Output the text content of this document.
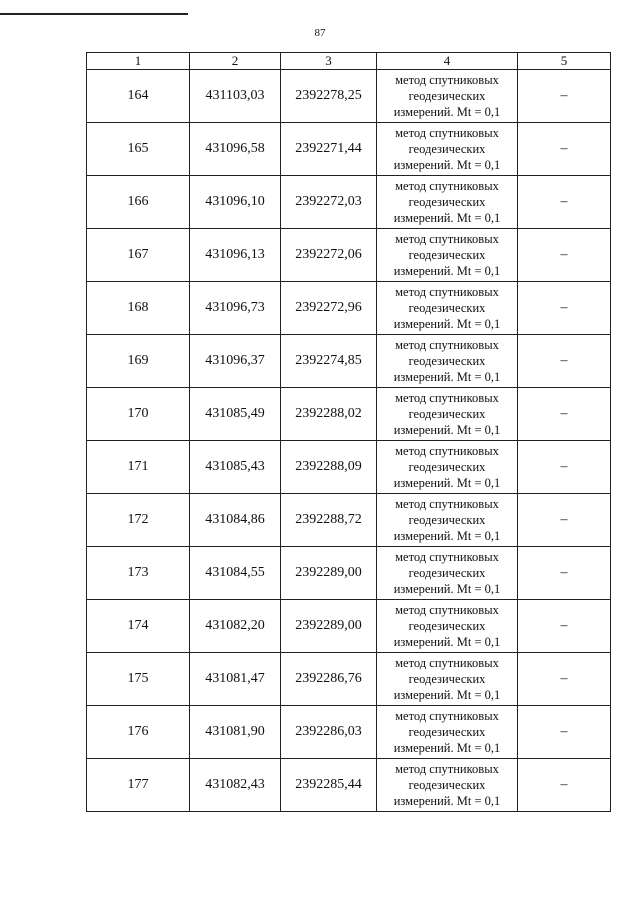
87
1	2	3	4	5
164	431103,03	2392278,25	метод спутниковых
геодезических
измерений. Mt = 0,1	–
165	431096,58	2392271,44	метод спутниковых
геодезических
измерений. Mt = 0,1	–
166	431096,10	2392272,03	метод спутниковых
геодезических
измерений. Mt = 0,1	–
167	431096,13	2392272,06	метод спутниковых
геодезических
измерений. Mt = 0,1	–
168	431096,73	2392272,96	метод спутниковых
геодезических
измерений. Mt = 0,1	–
169	431096,37	2392274,85	метод спутниковых
геодезических
измерений. Mt = 0,1	–
170	431085,49	2392288,02	метод спутниковых
геодезических
измерений. Mt = 0,1	–
171	431085,43	2392288,09	метод спутниковых
геодезических
измерений. Mt = 0,1	–
172	431084,86	2392288,72	метод спутниковых
геодезических
измерений. Mt = 0,1	–
173	431084,55	2392289,00	метод спутниковых
геодезических
измерений. Mt = 0,1	–
174	431082,20	2392289,00	метод спутниковых
геодезических
измерений. Mt = 0,1	–
175	431081,47	2392286,76	метод спутниковых
геодезических
измерений. Mt = 0,1	–
176	431081,90	2392286,03	метод спутниковых
геодезических
измерений. Mt = 0,1	–
177	431082,43	2392285,44	метод спутниковых
геодезических
измерений. Mt = 0,1	–
